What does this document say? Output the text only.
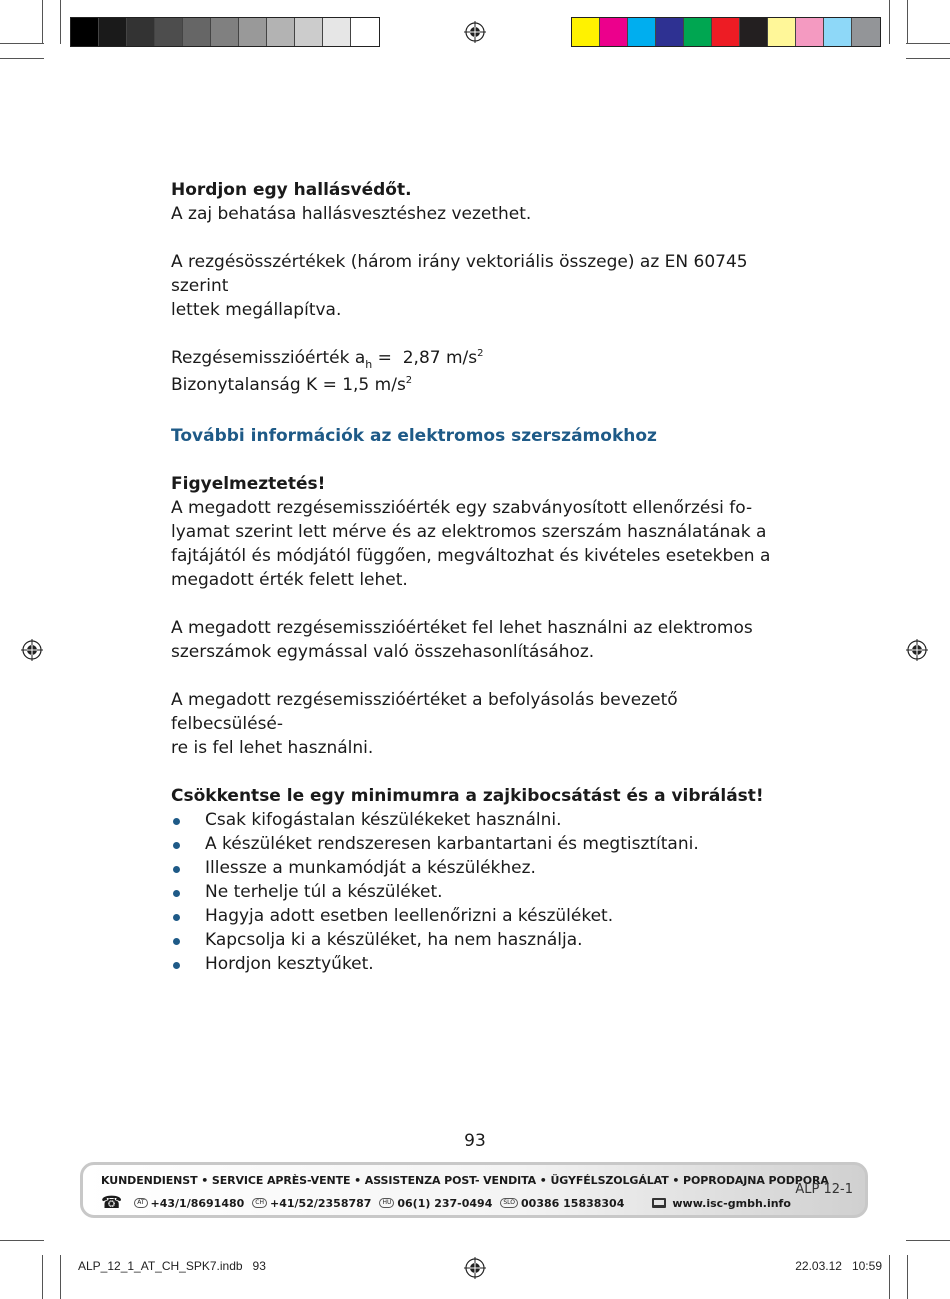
Hordjon egy hallásvédőt.
A zaj behatása hallásvesztéshez vezethet.

A rezgésösszértékek (három irány vektoriális összege) az EN 60745 szerint
lettek megállapítva.

Rezgésemisszióérték $a_h = 2,87$ $m/s^2$
Bizonytalanság K = 1,5 $m/s^2$

További információk az elektromos szerszámokhoz

Figyelmeztetés!
A megadott rezgésemisszióérték egy szabványosított ellenőrzési fo-
lyamat szerint lett mérve és az elektromos szerszám használatának a
fajtájától és módjától függően, megváltozhat és kivételes esetekben a
megadott érték felett lehet.

A megadott rezgésemisszióértéket fel lehet használni az elektromos
szerszámok egymással való összehasonlításához.

A megadott rezgésemisszióértéket a befolyásolás bevezető felbecsülésé-
re is fel lehet használni.

Csökkentse le egy minimumra a zajkibocsátást és a vibrálást!
Csak kifogástalan készülékeket használni.
A készüléket rendszeresen karbantartani és megtisztítani.
Illessze a munkamódját a készülékhez.
Ne terhelje túl a készüléket.
Hagyja adott esetben leellenőrizni a készüléket.
Kapcsolja ki a készüléket, ha nem használja.
Hordjon kesztyűket.
93
KUNDENDIENST • SERVICE APRÈS-VENTE • ASSISTENZA POST- VENDITA • ÜGYFÉLSZOLGÁLAT • POPRODAJNA PODPORA
☎	AT +43/1/8691480	CH +41/52/2358787	HU 06(1) 237-0494	SLO 00386 15838304	www.isc-gmbh.info
ALP 12-1
ALP_12_1_AT_CH_SPK7.indb   93	22.03.12   10:59
